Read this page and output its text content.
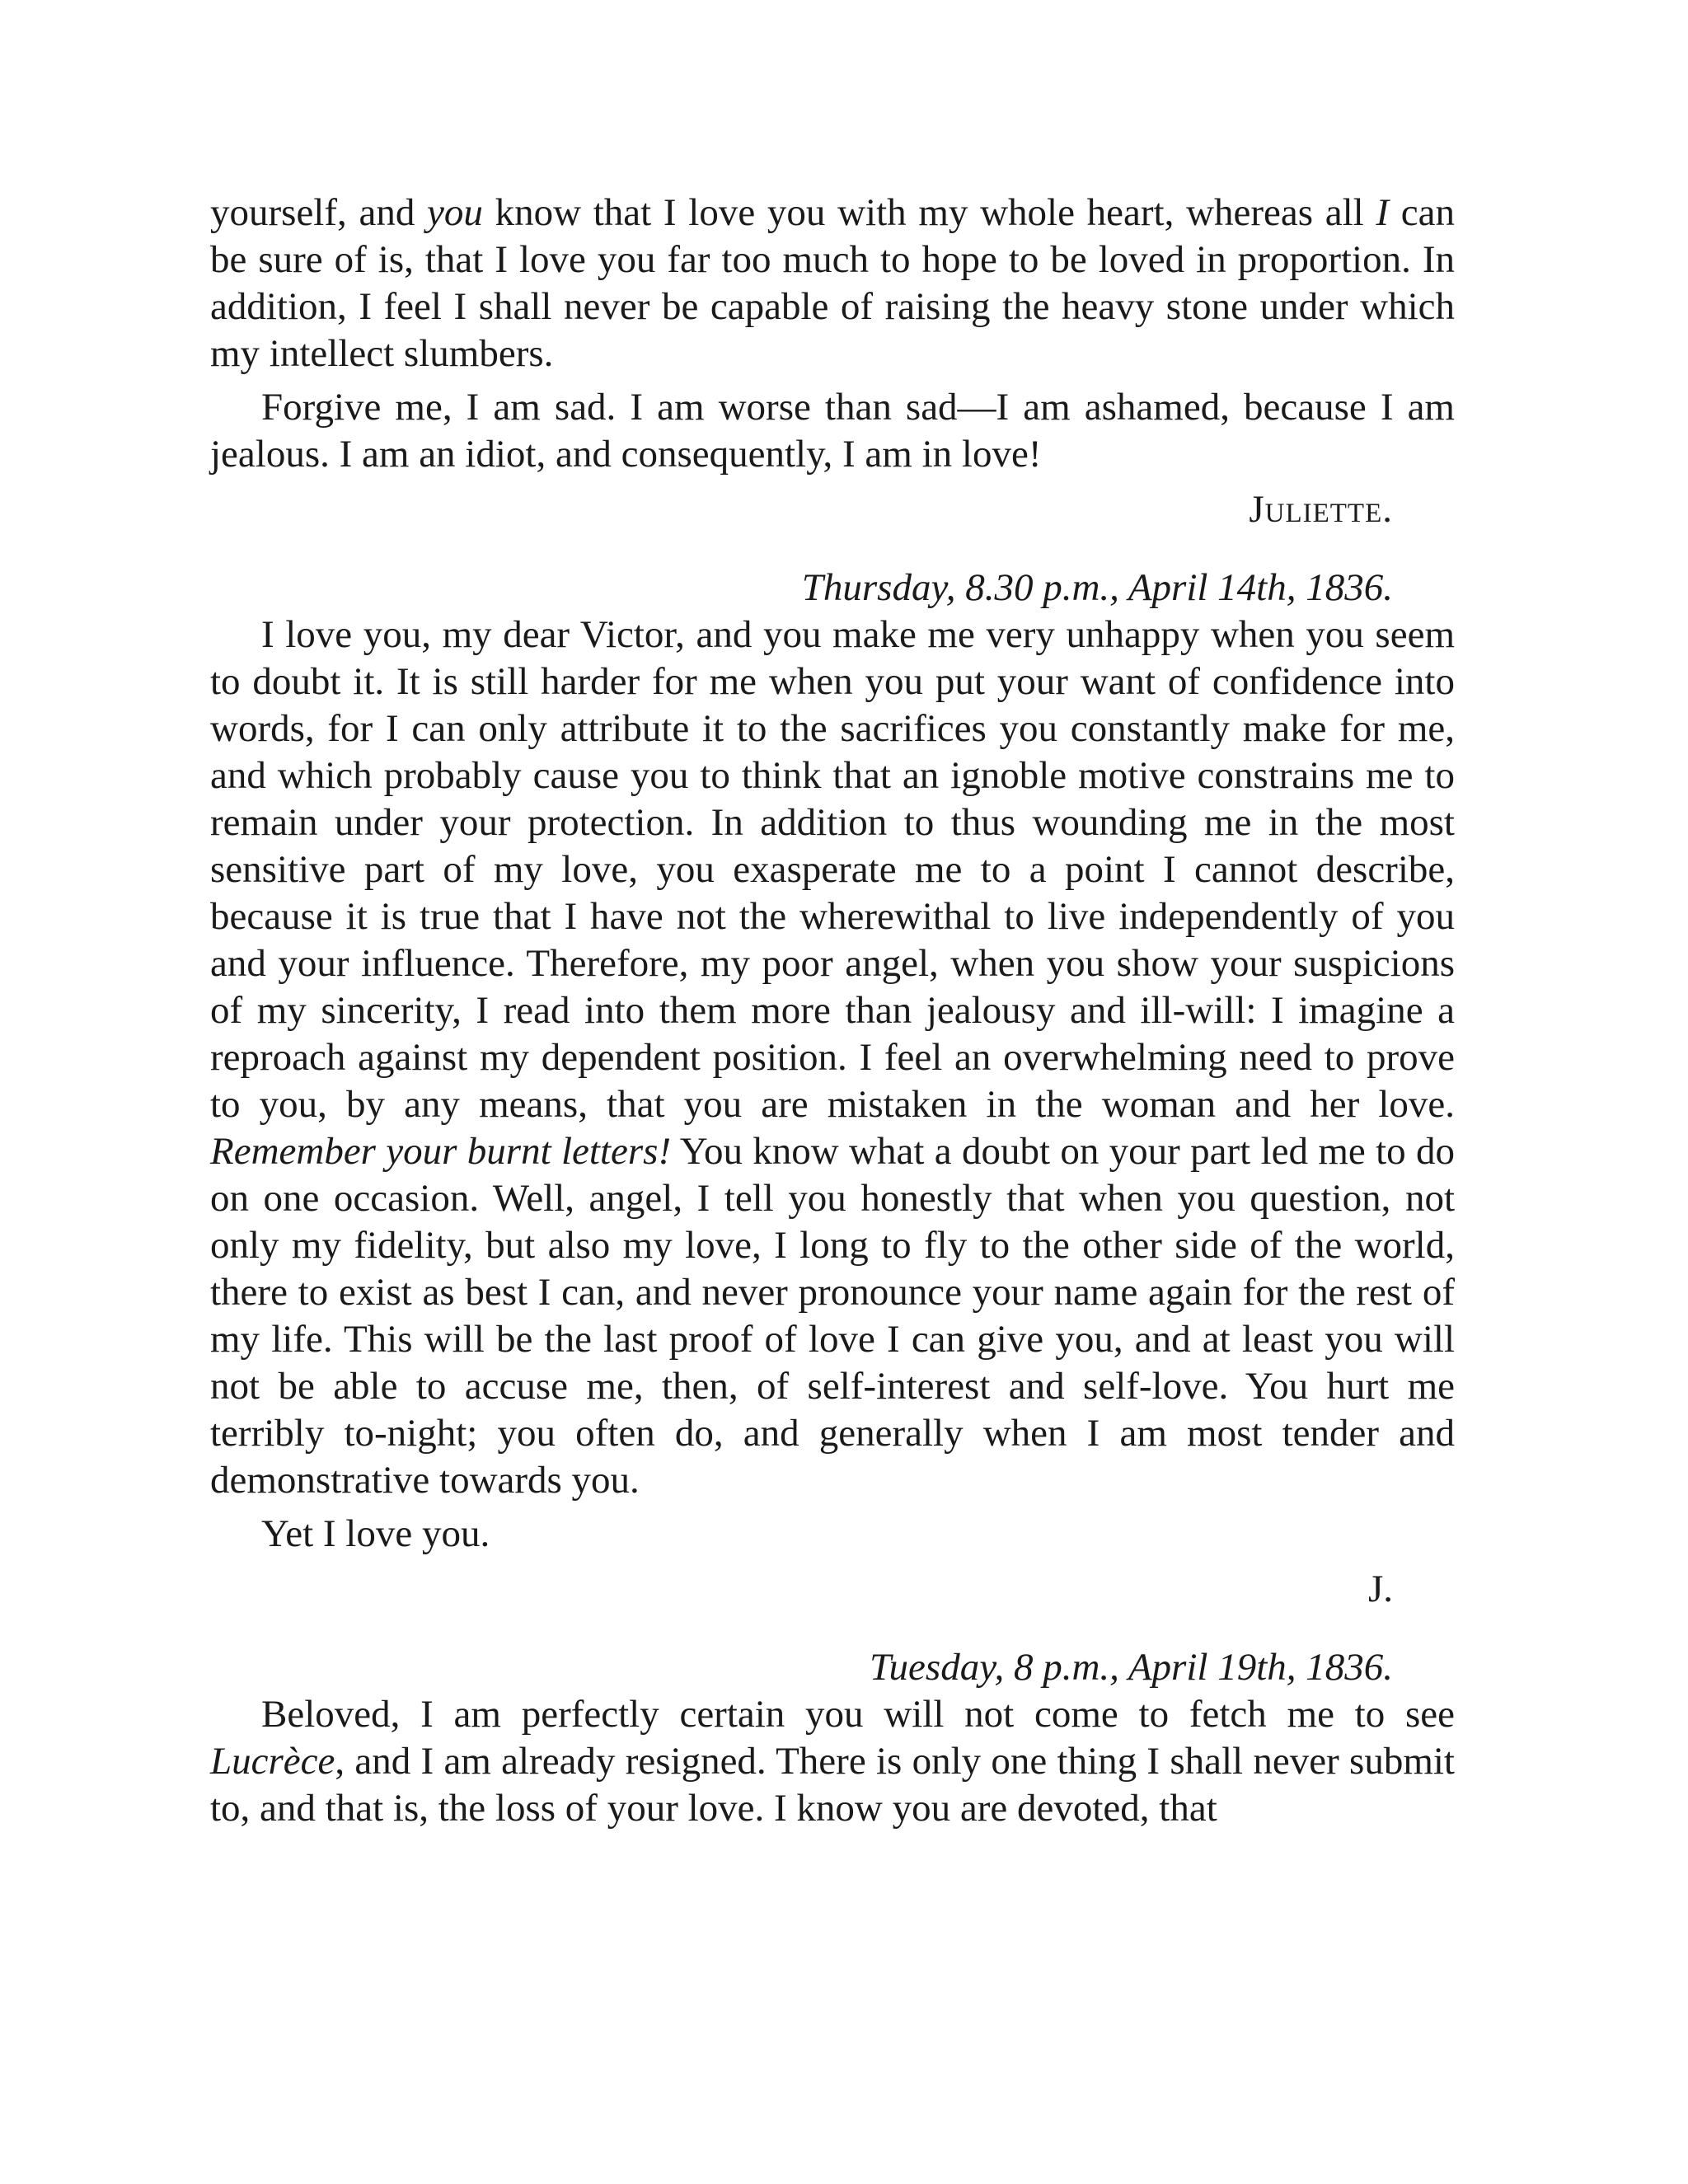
yourself, and you know that I love you with my whole heart, whereas all I can be sure of is, that I love you far too much to hope to be loved in proportion. In addition, I feel I shall never be capable of raising the heavy stone under which my intellect slumbers.

Forgive me, I am sad. I am worse than sad—I am ashamed, because I am jealous. I am an idiot, and consequently, I am in love!

Juliette.

Thursday, 8.30 p.m., April 14th, 1836.

I love you, my dear Victor, and you make me very unhappy when you seem to doubt it. It is still harder for me when you put your want of confidence into words, for I can only attribute it to the sacrifices you constantly make for me, and which probably cause you to think that an ignoble motive constrains me to remain under your protection. In addition to thus wounding me in the most sensitive part of my love, you exasperate me to a point I cannot describe, because it is true that I have not the wherewithal to live independently of you and your influence. Therefore, my poor angel, when you show your suspicions of my sincerity, I read into them more than jealousy and ill-will: I imagine a reproach against my dependent position. I feel an overwhelming need to prove to you, by any means, that you are mistaken in the woman and her love. Remember your burnt letters! You know what a doubt on your part led me to do on one occasion. Well, angel, I tell you honestly that when you question, not only my fidelity, but also my love, I long to fly to the other side of the world, there to exist as best I can, and never pronounce your name again for the rest of my life. This will be the last proof of love I can give you, and at least you will not be able to accuse me, then, of self-interest and self-love. You hurt me terribly to-night; you often do, and generally when I am most tender and demonstrative towards you.

Yet I love you.

J.

Tuesday, 8 p.m., April 19th, 1836.

Beloved, I am perfectly certain you will not come to fetch me to see Lucrèce, and I am already resigned. There is only one thing I shall never submit to, and that is, the loss of your love. I know you are devoted, that
